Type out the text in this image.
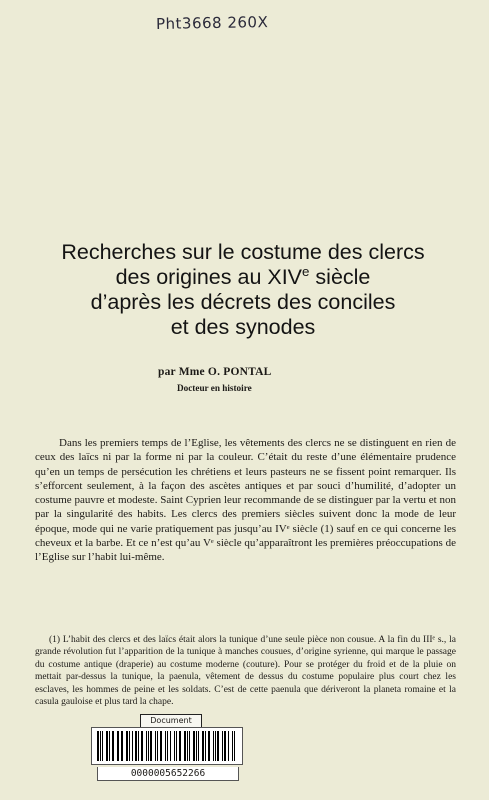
Pht3668 260X
Recherches sur le costume des clercs
des origines au XIVe siècle
d’après les décrets des conciles
et des synodes
par Mme O. PONTAL
Docteur en histoire

Dans les premiers temps de l’Eglise, les vêtements des clercs ne se distinguent en rien de ceux des laïcs ni par la forme ni par la couleur. C’était du reste d’une élémentaire prudence qu’en un temps de persécution les chrétiens et leurs pasteurs ne se fissent point remarquer. Ils s’efforcent seulement, à la façon des ascètes antiques et par souci d’humilité, d’adopter un costume pauvre et modeste. Saint Cyprien leur recommande de se distinguer par la vertu et non par la singularité des habits. Les clercs des premiers siècles suivent donc la mode de leur époque, mode qui ne varie pratiquement pas jusqu’au IVᵉ siècle (1) sauf en ce qui concerne les cheveux et la barbe. Et ce n’est qu’au Vᵉ siècle qu’apparaîtront les premières préoccupations de l’Eglise sur l’habit lui-même.

(1) L’habit des clercs et des laïcs était alors la tunique d’une seule pièce non cousue. A la fin du IIIᵉ s., la grande révolution fut l’apparition de la tunique à manches cousues, d’origine syrienne, qui marque le passage du costume antique (draperie) au costume moderne (couture). Pour se protéger du froid et de la pluie on mettait par-dessus la tunique, la paenula, vêtement de dessus du costume populaire plus court chez les esclaves, les hommes de peine et les soldats. C’est de cette paenula que dériveront la planeta romaine et la casula gauloise et plus tard la chape.

Document
0000005652266
